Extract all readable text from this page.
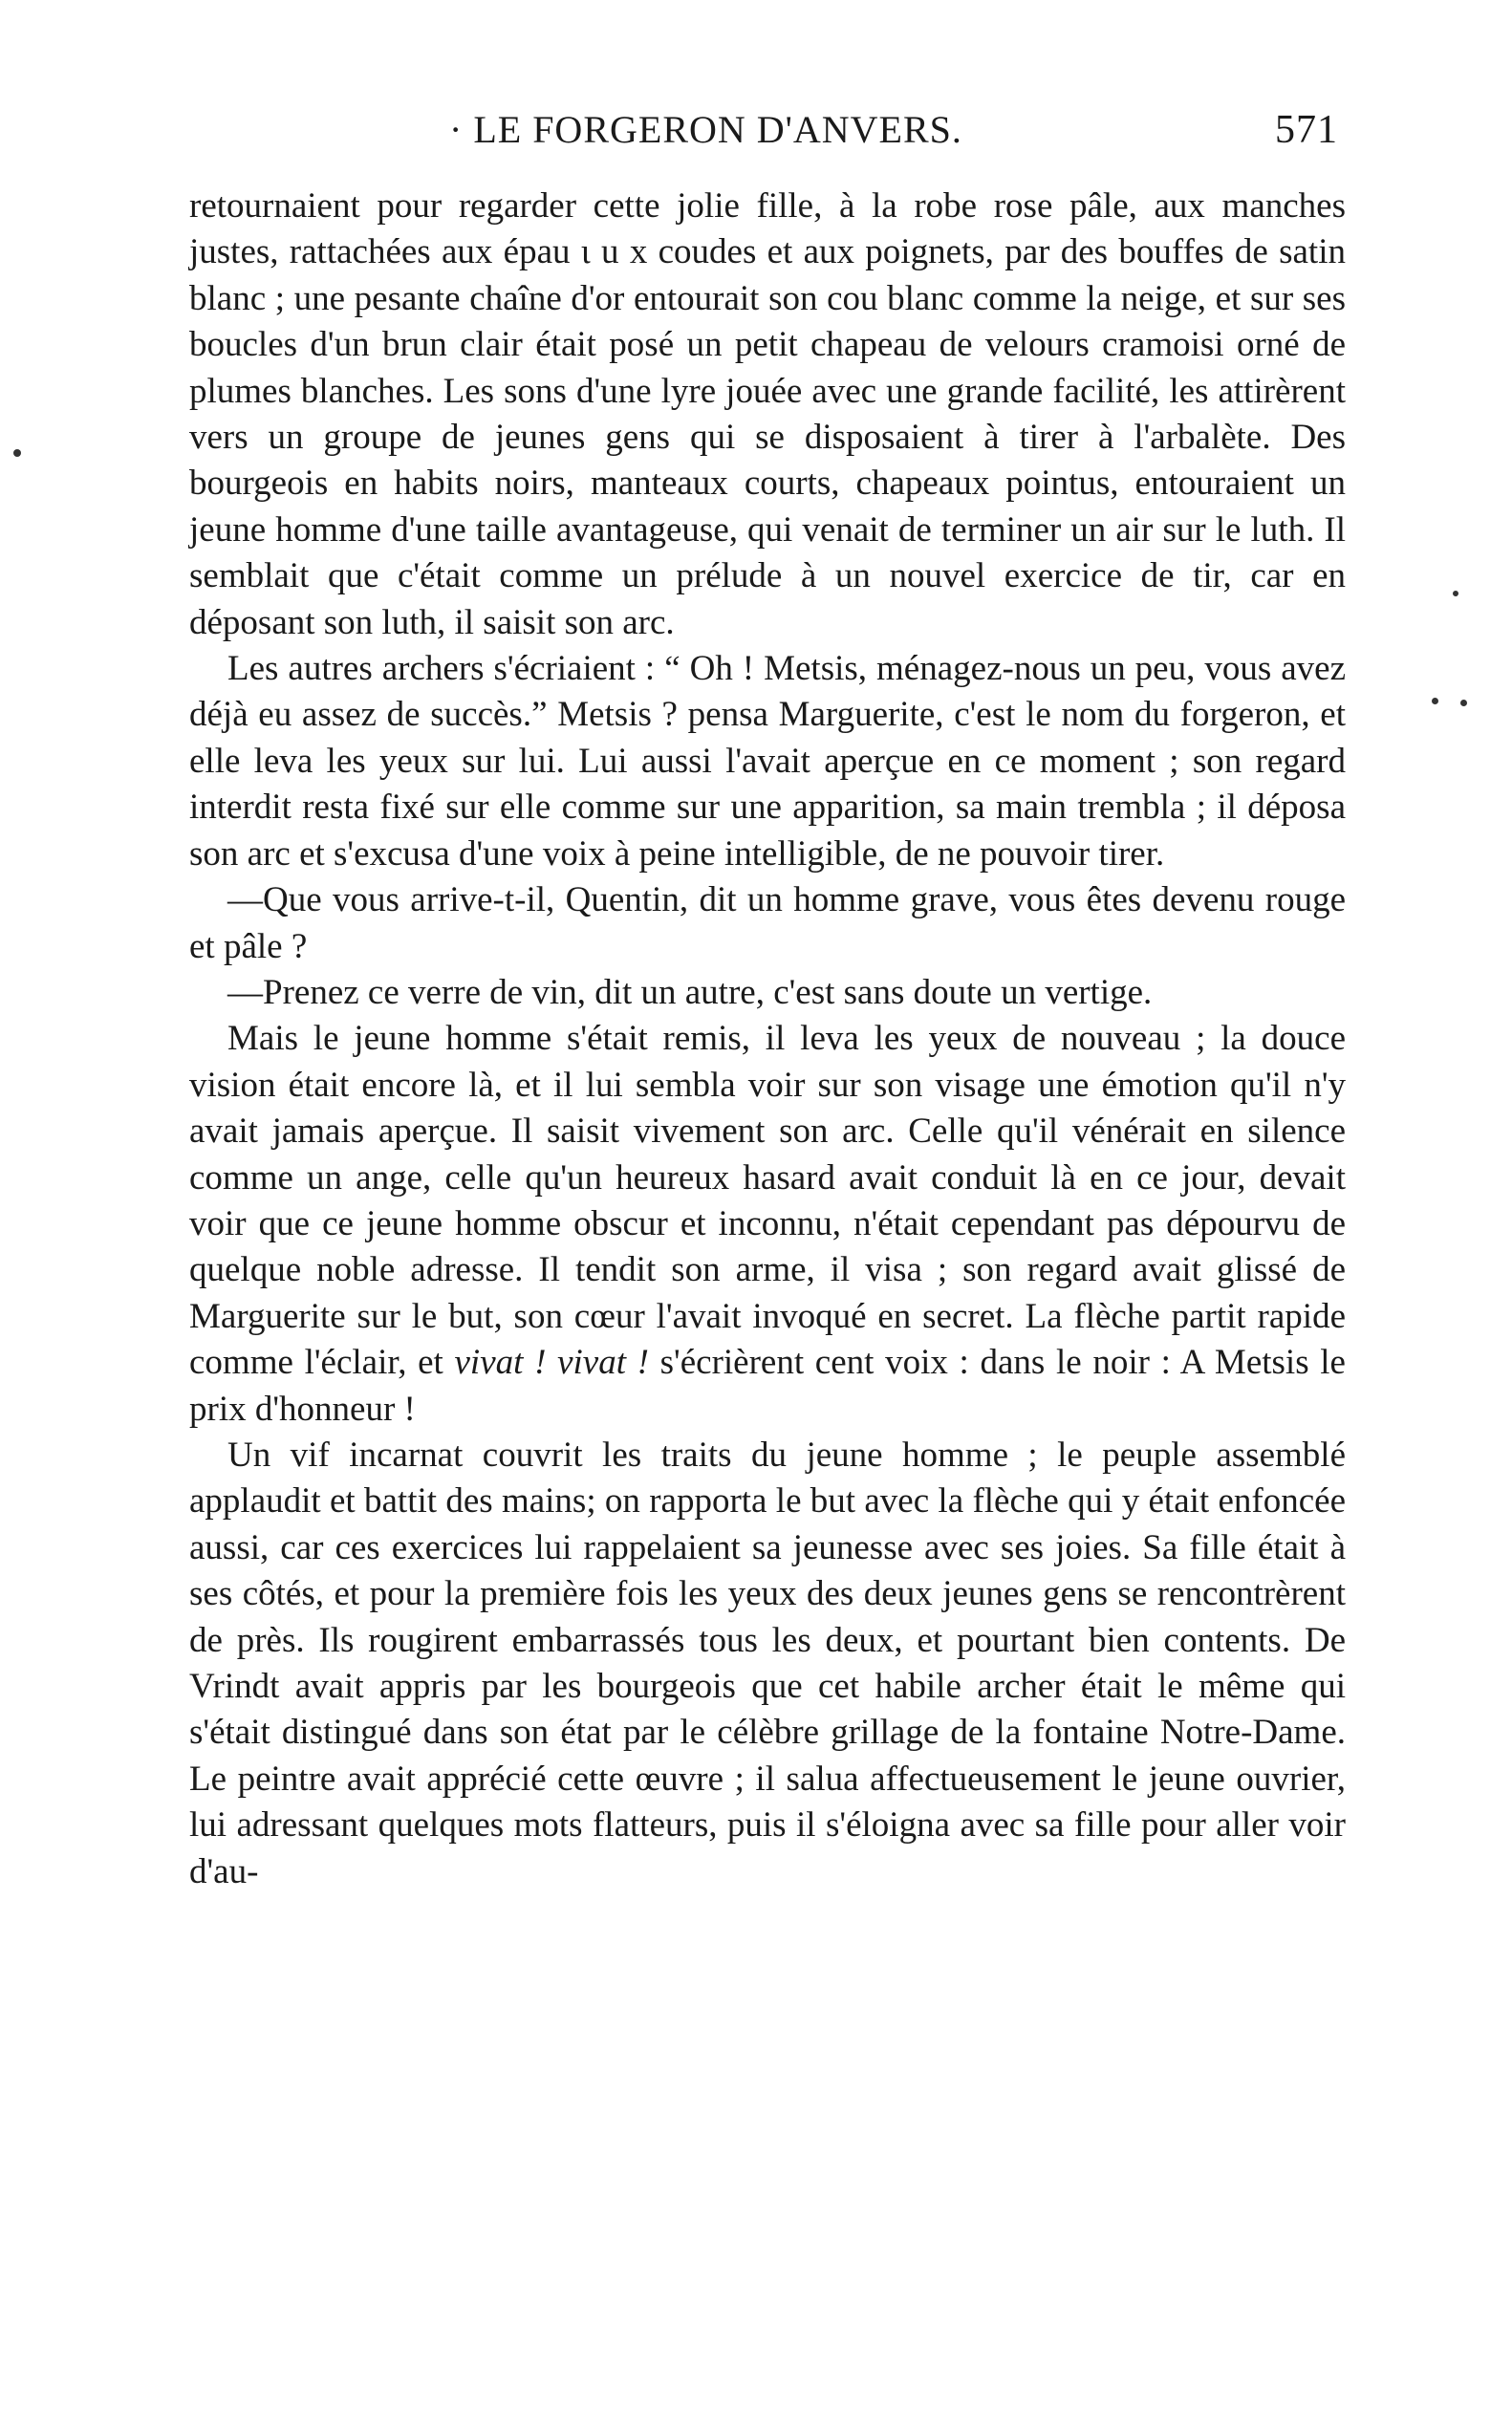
· LE FORGERON D'ANVERS.	571

retournaient pour regarder cette jolie fille, à la robe rose pâle, aux manches justes, rattachées aux épau ι u x coudes et aux poignets, par des bouffes de satin blanc ; une pesante chaîne d'or entourait son cou blanc comme la neige, et sur ses boucles d'un brun clair était posé un petit chapeau de velours cramoisi orné de plumes blanches. Les sons d'une lyre jouée avec une grande facilité, les attirèrent vers un groupe de jeunes gens qui se disposaient à tirer à l'arbalète. Des bourgeois en habits noirs, manteaux courts, chapeaux pointus, entouraient un jeune homme d'une taille avantageuse, qui venait de terminer un air sur le luth. Il semblait que c'était comme un prélude à un nouvel exercice de tir, car en déposant son luth, il saisit son arc.

Les autres archers s'écriaient : “ Oh ! Metsis, ménagez-nous un peu, vous avez déjà eu assez de succès.” Metsis ? pensa Marguerite, c'est le nom du forgeron, et elle leva les yeux sur lui. Lui aussi l'avait aperçue en ce moment ; son regard interdit resta fixé sur elle comme sur une apparition, sa main trembla ; il déposa son arc et s'excusa d'une voix à peine intelligible, de ne pouvoir tirer.

—Que vous arrive-t-il, Quentin, dit un homme grave, vous êtes devenu rouge et pâle ?

—Prenez ce verre de vin, dit un autre, c'est sans doute un vertige.

Mais le jeune homme s'était remis, il leva les yeux de nouveau ; la douce vision était encore là, et il lui sembla voir sur son visage une émotion qu'il n'y avait jamais aperçue. Il saisit vivement son arc. Celle qu'il vénérait en silence comme un ange, celle qu'un heureux hasard avait conduit là en ce jour, devait voir que ce jeune homme obscur et inconnu, n'était cependant pas dépourvu de quelque noble adresse. Il tendit son arme, il visa ; son regard avait glissé de Marguerite sur le but, son cœur l'avait invoqué en secret. La flèche partit rapide comme l'éclair, et vivat ! vivat ! s'écrièrent cent voix : dans le noir : A Metsis le prix d'honneur !

Un vif incarnat couvrit les traits du jeune homme ; le peuple assemblé applaudit et battit des mains; on rapporta le but avec la flèche qui y était enfoncée aussi, car ces exercices lui rappelaient sa jeunesse avec ses joies. Sa fille était à ses côtés, et pour la première fois les yeux des deux jeunes gens se rencontrèrent de près. Ils rougirent embarrassés tous les deux, et pourtant bien contents. De Vrindt avait appris par les bourgeois que cet habile archer était le même qui s'était distingué dans son état par le célèbre grillage de la fontaine Notre-Dame. Le peintre avait apprécié cette œuvre ; il salua affectueusement le jeune ouvrier, lui adressant quelques mots flatteurs, puis il s'éloigna avec sa fille pour aller voir d'au-
